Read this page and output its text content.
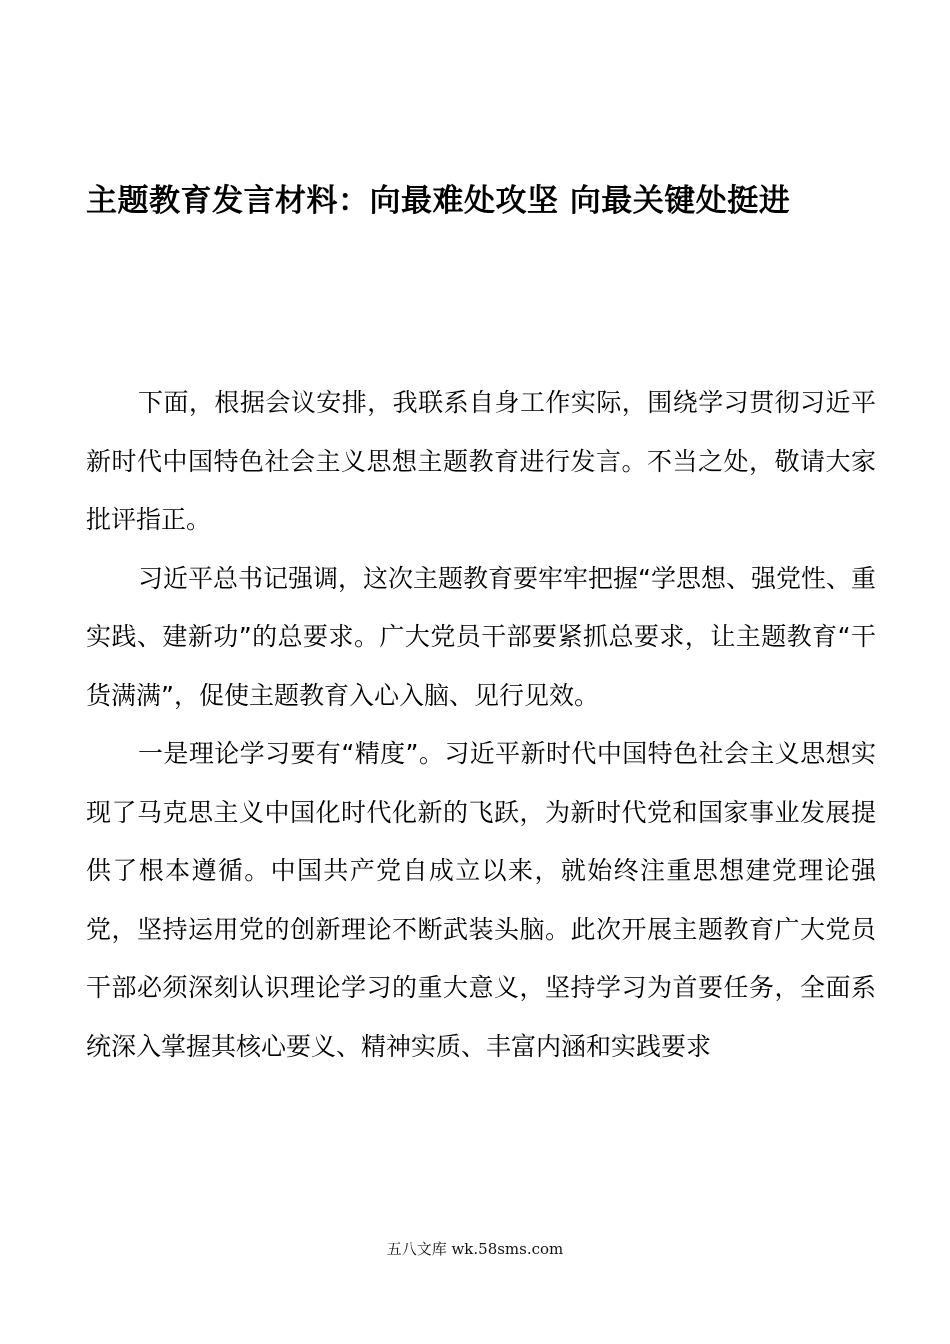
主题教育发言材料：向最难处攻坚 向最关键处挺进

下面，根据会议安排，我联系自身工作实际，围绕学习贯彻习近平新时代中国特色社会主义思想主题教育进行发言。不当之处，敬请大家批评指正。

习近平总书记强调，这次主题教育要牢牢把握“学思想、强党性、重实践、建新功”的总要求。广大党员干部要紧抓总要求，让主题教育“干货满满”，促使主题教育入心入脑、见行见效。

一是理论学习要有“精度”。习近平新时代中国特色社会主义思想实现了马克思主义中国化时代化新的飞跃，为新时代党和国家事业发展提供了根本遵循。中国共产党自成立以来，就始终注重思想建党理论强党，坚持运用党的创新理论不断武装头脑。此次开展主题教育广大党员干部必须深刻认识理论学习的重大意义，坚持学习为首要任务，全面系统深入掌握其核心要义、精神实质、丰富内涵和实践要求

五八文库 wk.58sms.com
